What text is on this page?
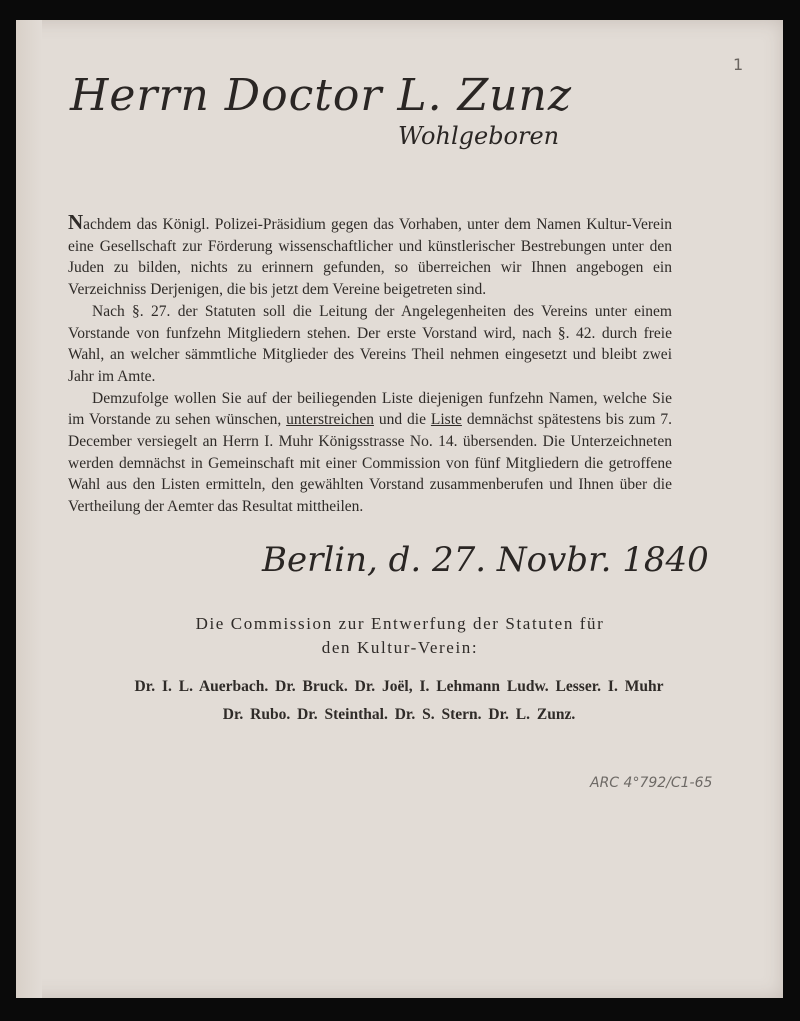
1
Herrn Doctor L. Zunz
Wohlgeboren

Nachdem das Königl. Polizei-Präsidium gegen das Vorhaben, unter dem Namen Kultur-Verein eine Gesellschaft zur Förderung wissenschaftlicher und künstlerischer Bestrebungen unter den Juden zu bilden, nichts zu erinnern gefunden, so überreichen wir Ihnen angebogen ein Verzeichniss Derjenigen, die bis jetzt dem Vereine beigetreten sind.

Nach §. 27. der Statuten soll die Leitung der Angelegenheiten des Vereins unter einem Vorstande von funfzehn Mitgliedern stehen. Der erste Vorstand wird, nach §. 42. durch freie Wahl, an welcher sämmtliche Mitglieder des Vereins Theil nehmen eingesetzt und bleibt zwei Jahr im Amte.

Demzufolge wollen Sie auf der beiliegenden Liste diejenigen funfzehn Namen, welche Sie im Vorstande zu sehen wünschen, unterstreichen und die Liste demnächst spätestens bis zum 7. December versiegelt an Herrn I. Muhr Königsstrasse No. 14. übersenden. Die Unterzeichneten werden demnächst in Gemeinschaft mit einer Commission von fünf Mitgliedern die getroffene Wahl aus den Listen ermitteln, den gewählten Vorstand zusammenberufen und Ihnen über die Vertheilung der Aemter das Resultat mittheilen.

Berlin, d. 27. Novbr. 1840
Die Commission zur Entwerfung der Statuten für
den Kultur-Verein:
Dr. I. L. Auerbach. Dr. Bruck. Dr. Joël, I. Lehmann Ludw. Lesser. I. Muhr
Dr. Rubo. Dr. Steinthal. Dr. S. Stern. Dr. L. Zunz.
ARC 4°792/C1-65
